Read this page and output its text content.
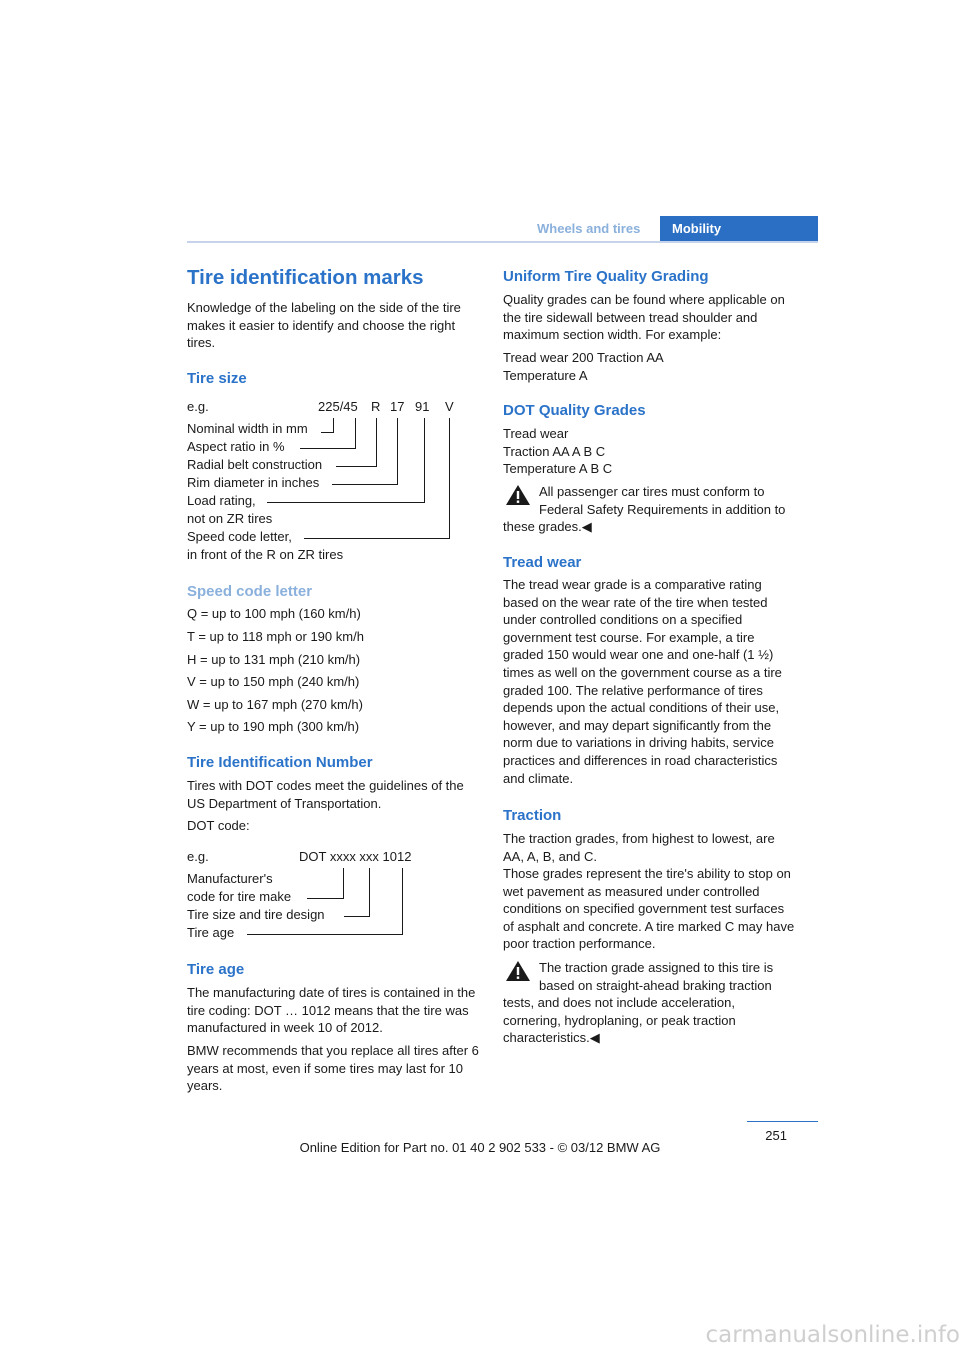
Wheels and tires Mobility
Tire identification marks

Knowledge of the labeling on the side of the tire makes it easier to identify and choose the right tires.

Tire size
e.g.	225/45 R 17 91 V
Nominal width in mm
Aspect ratio in %
Radial belt construction
Rim diameter in inches
Load rating,
not on ZR tires
Speed code letter,
in front of the R on ZR tires
Speed code letter

Q = up to 100 mph (160 km/h)

T = up to 118 mph or 190 km/h

H = up to 131 mph (210 km/h)

V = up to 150 mph (240 km/h)

W = up to 167 mph (270 km/h)

Y = up to 190 mph (300 km/h)

Tire Identification Number

Tires with DOT codes meet the guidelines of the US Department of Transportation.

DOT code:

e.g.	DOT xxxx xxx 1012
Manufacturer's
code for tire make
Tire size and tire design
Tire age
Tire age

The manufacturing date of tires is contained in the tire coding: DOT … 1012 means that the tire was manufactured in week 10 of 2012.

BMW recommends that you replace all tires after 6 years at most, even if some tires may last for 10 years.

Uniform Tire Quality Grading

Quality grades can be found where applicable on the tire sidewall between tread shoulder and maximum section width. For example:

Tread wear 200 Traction AA

Temperature A

DOT Quality Grades

Tread wear

Traction AA A B C

Temperature A B C

All passenger car tires must conform to

Federal Safety Requirements in addition to these grades.◀

Tread wear

The tread wear grade is a comparative rating based on the wear rate of the tire when tested under controlled conditions on a specified government test course. For example, a tire graded 150 would wear one and one-half (1 ½) times as well on the government course as a tire graded 100. The relative performance of tires depends upon the actual conditions of their use, however, and may depart significantly from the norm due to variations in driving habits, service practices and differences in road characteristics and climate.

Traction

The traction grades, from highest to lowest, are AA, A, B, and C.

Those grades represent the tire's ability to stop on wet pavement as measured under controlled conditions on specified government test surfaces of asphalt and concrete. A tire marked C may have poor traction performance.

The traction grade assigned to this tire is

based on straight-ahead braking traction tests, and does not include acceleration, cornering, hydroplaning, or peak traction characteristics.◀

251
Online Edition for Part no. 01 40 2 902 533 - © 03/12 BMW AG
carmanualsonline.info
